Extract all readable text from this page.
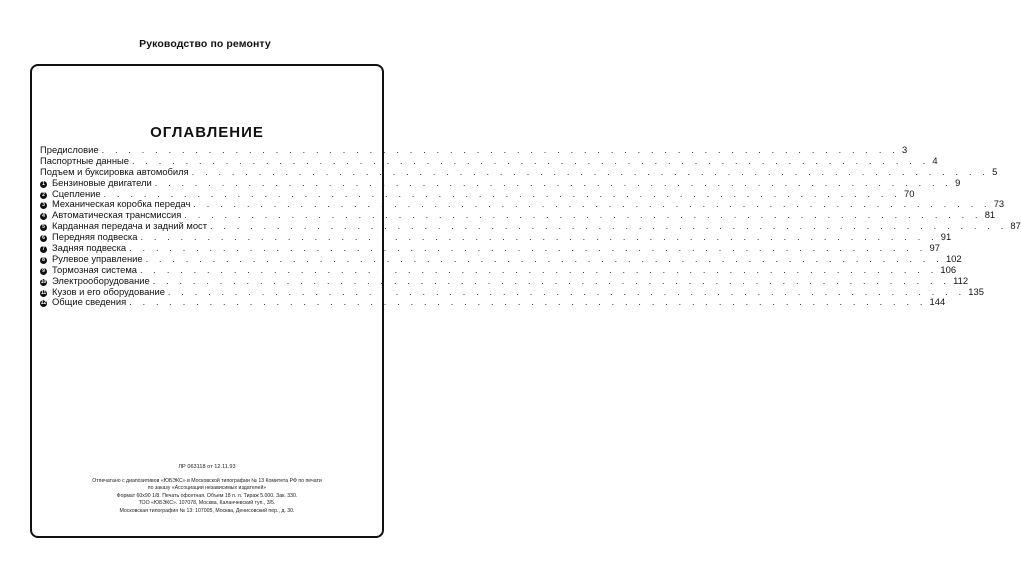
Руководство по ремонту
ОГЛАВЛЕНИЕ
Предисловие . . . . . . . . . . . . . . . . . . . . . . . . . . . . . . . . . . . . . . . . . . . . . . . . . . . . . . . . . . . . 3
Паспортные данные . . . . . . . . . . . . . . . . . . . . . . . . . . . . . . . . . . . . . . . . . . . . . . . . . . . . . . . . . . . . 4
Подъем и буксировка автомобиля . . . . . . . . . . . . . . . . . . . . . . . . . . . . . . . . . . . . . . . . . . . . . . . . . . . . . . . . . . . . 5
1 Бензиновые двигатели . . . . . . . . . . . . . . . . . . . . . . . . . . . . . . . . . . . . . . . . . . . . . . . . . . . . . . . . . . . . 9
2 Сцепление . . . . . . . . . . . . . . . . . . . . . . . . . . . . . . . . . . . . . . . . . . . . . . . . . . . . . . . . . . . . 70
3 Механическая коробка передач . . . . . . . . . . . . . . . . . . . . . . . . . . . . . . . . . . . . . . . . . . . . . . . . . . . . . . . . . . . . 73
4 Автоматическая трансмиссия . . . . . . . . . . . . . . . . . . . . . . . . . . . . . . . . . . . . . . . . . . . . . . . . . . . . . . . . . . . . 81
5 Карданная передача и задний мост . . . . . . . . . . . . . . . . . . . . . . . . . . . . . . . . . . . . . . . . . . . . . . . . . . . . . . . . . . . . 87
6 Передняя подвеска . . . . . . . . . . . . . . . . . . . . . . . . . . . . . . . . . . . . . . . . . . . . . . . . . . . . . . . . . . . . 91
7 Задняя подвеска . . . . . . . . . . . . . . . . . . . . . . . . . . . . . . . . . . . . . . . . . . . . . . . . . . . . . . . . . . . . 97
8 Рулевое управление . . . . . . . . . . . . . . . . . . . . . . . . . . . . . . . . . . . . . . . . . . . . . . . . . . . . . . . . . . . . 102
9 Тормозная система . . . . . . . . . . . . . . . . . . . . . . . . . . . . . . . . . . . . . . . . . . . . . . . . . . . . . . . . . . . . 106
10 Электрооборудование . . . . . . . . . . . . . . . . . . . . . . . . . . . . . . . . . . . . . . . . . . . . . . . . . . . . . . . . . . . . 112
11 Кузов и его оборудование . . . . . . . . . . . . . . . . . . . . . . . . . . . . . . . . . . . . . . . . . . . . . . . . . . . . . . . . . . . . 135
12 Общие сведения . . . . . . . . . . . . . . . . . . . . . . . . . . . . . . . . . . . . . . . . . . . . . . . . . . . . . . . . . . . . 144
ЛР 063118 от 12.11.93
Отпечатано с диапозитивов «ЮБЭКС» в Московской типографии № 13 Комитета РФ по печати
по заказу «Ассоциации независимых издателей»
Формат 60х90 1/8. Печать офсетная. Объем 18 п. л. Тираж 5.000. Зак. 330.
ТОО «ЮБЭКС». 107078, Москва, Каланчевский туп., 3/5.
Московская типография № 13: 107005, Москва, Денисовский пер., д. 30.
